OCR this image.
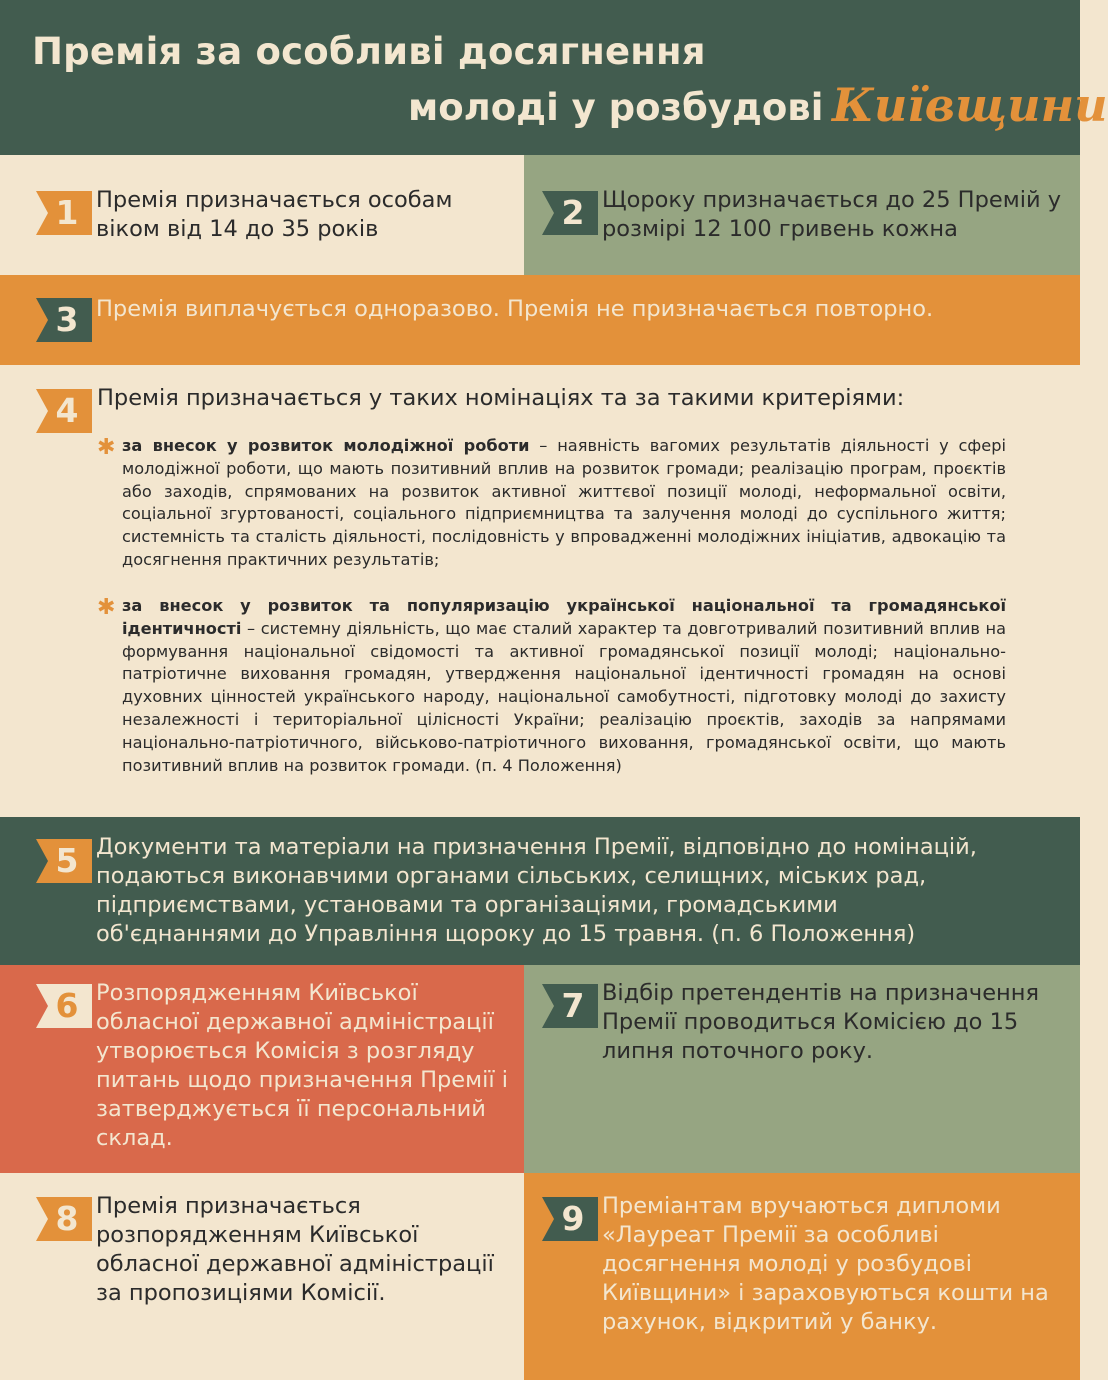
Премія за особливі досягнення
молоді у розбудові Київщини
1 Премія призначається особам віком від 14 до 35 років	2 Щороку призначається до 25 Премій у розмірі 12 100 гривень кожна
3 Премія виплачується одноразово. Премія не призначається повторно.
4 Премія призначається у таких номінаціях та за такими критеріями:
✱ за внесок у розвиток молодіжної роботи – наявність вагомих результатів діяльності у сфері молодіжної роботи, що мають позитивний вплив на розвиток громади; реалізацію програм, проєктів або заходів, спрямованих на розвиток активної життєвої позиції молоді, неформальної освіти, соціальної згуртованості, соціального підприємництва та залучення молоді до суспільного життя; системність та сталість діяльності, послідовність у впровадженні молодіжних ініціатив, адвокацію та досягнення практичних результатів;
✱ за внесок у розвиток та популяризацію української національної та громадянської ідентичності – системну діяльність, що має сталий характер та довготривалий позитивний вплив на формування національної свідомості та активної громадянської позиції молоді; національно-патріотичне виховання громадян, утвердження національної ідентичності громадян на основі духовних цінностей українського народу, національної самобутності, підготовку молоді до захисту незалежності і територіальної цілісності України; реалізацію проєктів, заходів за напрямами національно-патріотичного, військово-патріотичного виховання, громадянської освіти, що мають позитивний вплив на розвиток громади. (п. 4 Положення)
5 Документи та матеріали на призначення Премії, відповідно до номінацій, подаються виконавчими органами сільських, селищних, міських рад, підприємствами, установами та організаціями, громадськими об'єднаннями до Управління щороку до 15 травня. (п. 6 Положення)
6 Розпорядженням Київської обласної державної адміністрації утворюється Комісія з розгляду питань щодо призначення Премії і затверджується її персональний склад.
7 Відбір претендентів на призначення Премії проводиться Комісією до 15 липня поточного року.
8 Премія призначається розпорядженням Київської обласної державної адміністрації за пропозиціями Комісії.
9 Преміантам вручаються дипломи «Лауреат Премії за особливі досягнення молоді у розбудові Київщини» і зараховуються кошти на рахунок, відкритий у банку.
